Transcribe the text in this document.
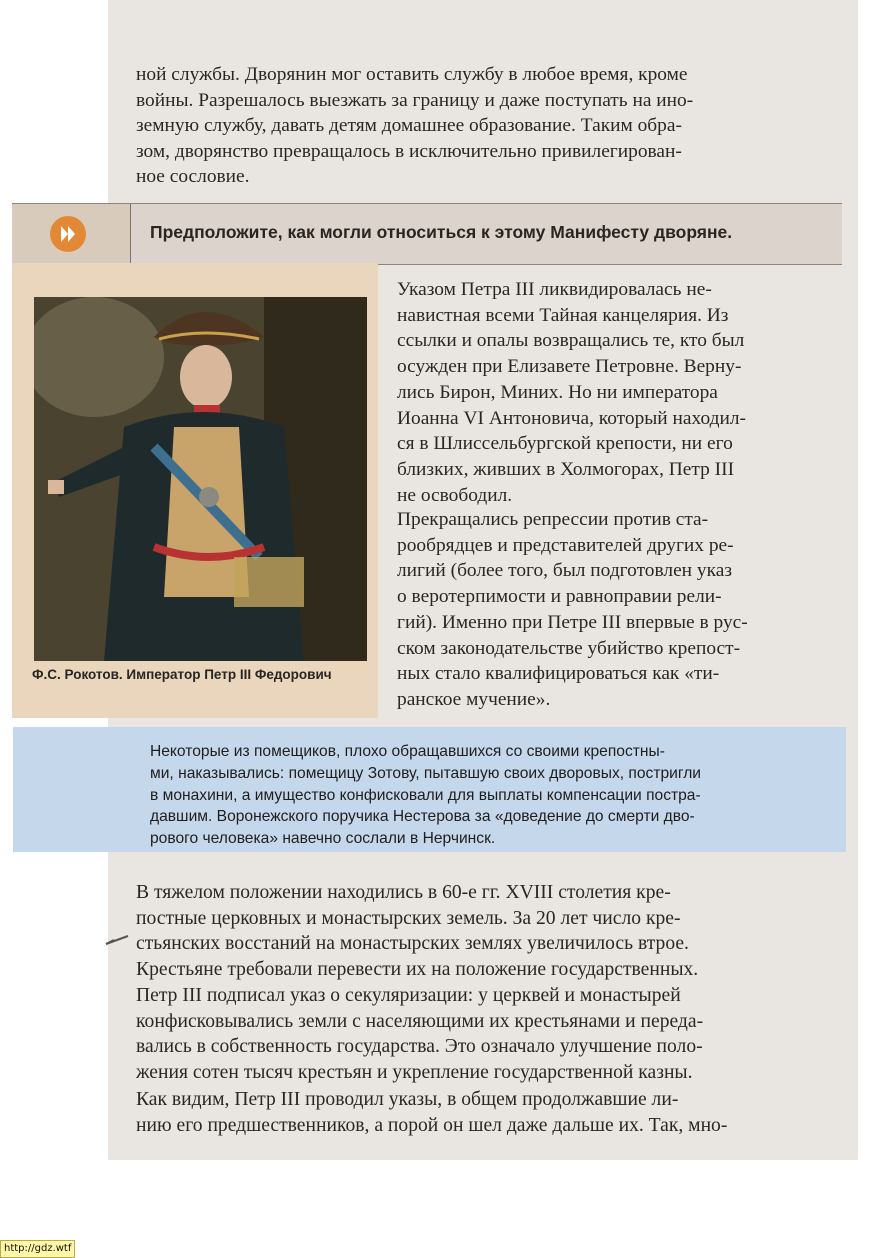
ной службы. Дворянин мог оставить службу в любое время, кроме
войны. Разрешалось выезжать за границу и даже поступать на ино-
земную службу, давать детям домашнее образование. Таким обра-
зом, дворянство превращалось в исключительно привилегирован-
ное сословие.

Предположите, как могли относиться к этому Манифесту дворяне.
Ф.С. Рокотов. Император Петр III Федорович

Указом Петра III ликвидировалась не-
навистная всеми Тайная канцелярия. Из
ссылки и опалы возвращались те, кто был
осужден при Елизавете Петровне. Верну-
лись Бирон, Миних. Но ни императора
Иоанна VI Антоновича, который находил-
ся в Шлиссельбургской крепости, ни его
близких, живших в Холмогорах, Петр III
не освободил.

Прекращались репрессии против ста-
рообрядцев и представителей других ре-
лигий (более того, был подготовлен указ
о веротерпимости и равноправии рели-
гий). Именно при Петре III впервые в рус-
ском законодательстве убийство крепост-
ных стало квалифицироваться как «ти-
ранское мучение».

Некоторые из помещиков, плохо обращавшихся со своими крепостны-
ми, наказывались: помещицу Зотову, пытавшую своих дворовых, постригли
в монахини, а имущество конфисковали для выплаты компенсации постра-
давшим. Воронежского поручика Нестерова за «доведение до смерти дво-
рового человека» навечно сослали в Нерчинск.

В тяжелом положении находились в 60-е гг. XVIII столетия кре-
постные церковных и монастырских земель. За 20 лет число кре-
стьянских восстаний на монастырских землях увеличилось втрое.
Крестьяне требовали перевести их на положение государственных.
Петр III подписал указ о секуляризации: у церквей и монастырей
конфисковывались земли с населяющими их крестьянами и переда-
вались в собственность государства. Это означало улучшение поло-
жения сотен тысяч крестьян и укрепление государственной казны.

Как видим, Петр III проводил указы, в общем продолжавшие ли-
нию его предшественников, а порой он шел даже дальше их. Так, мно-

http://gdz.wtf
